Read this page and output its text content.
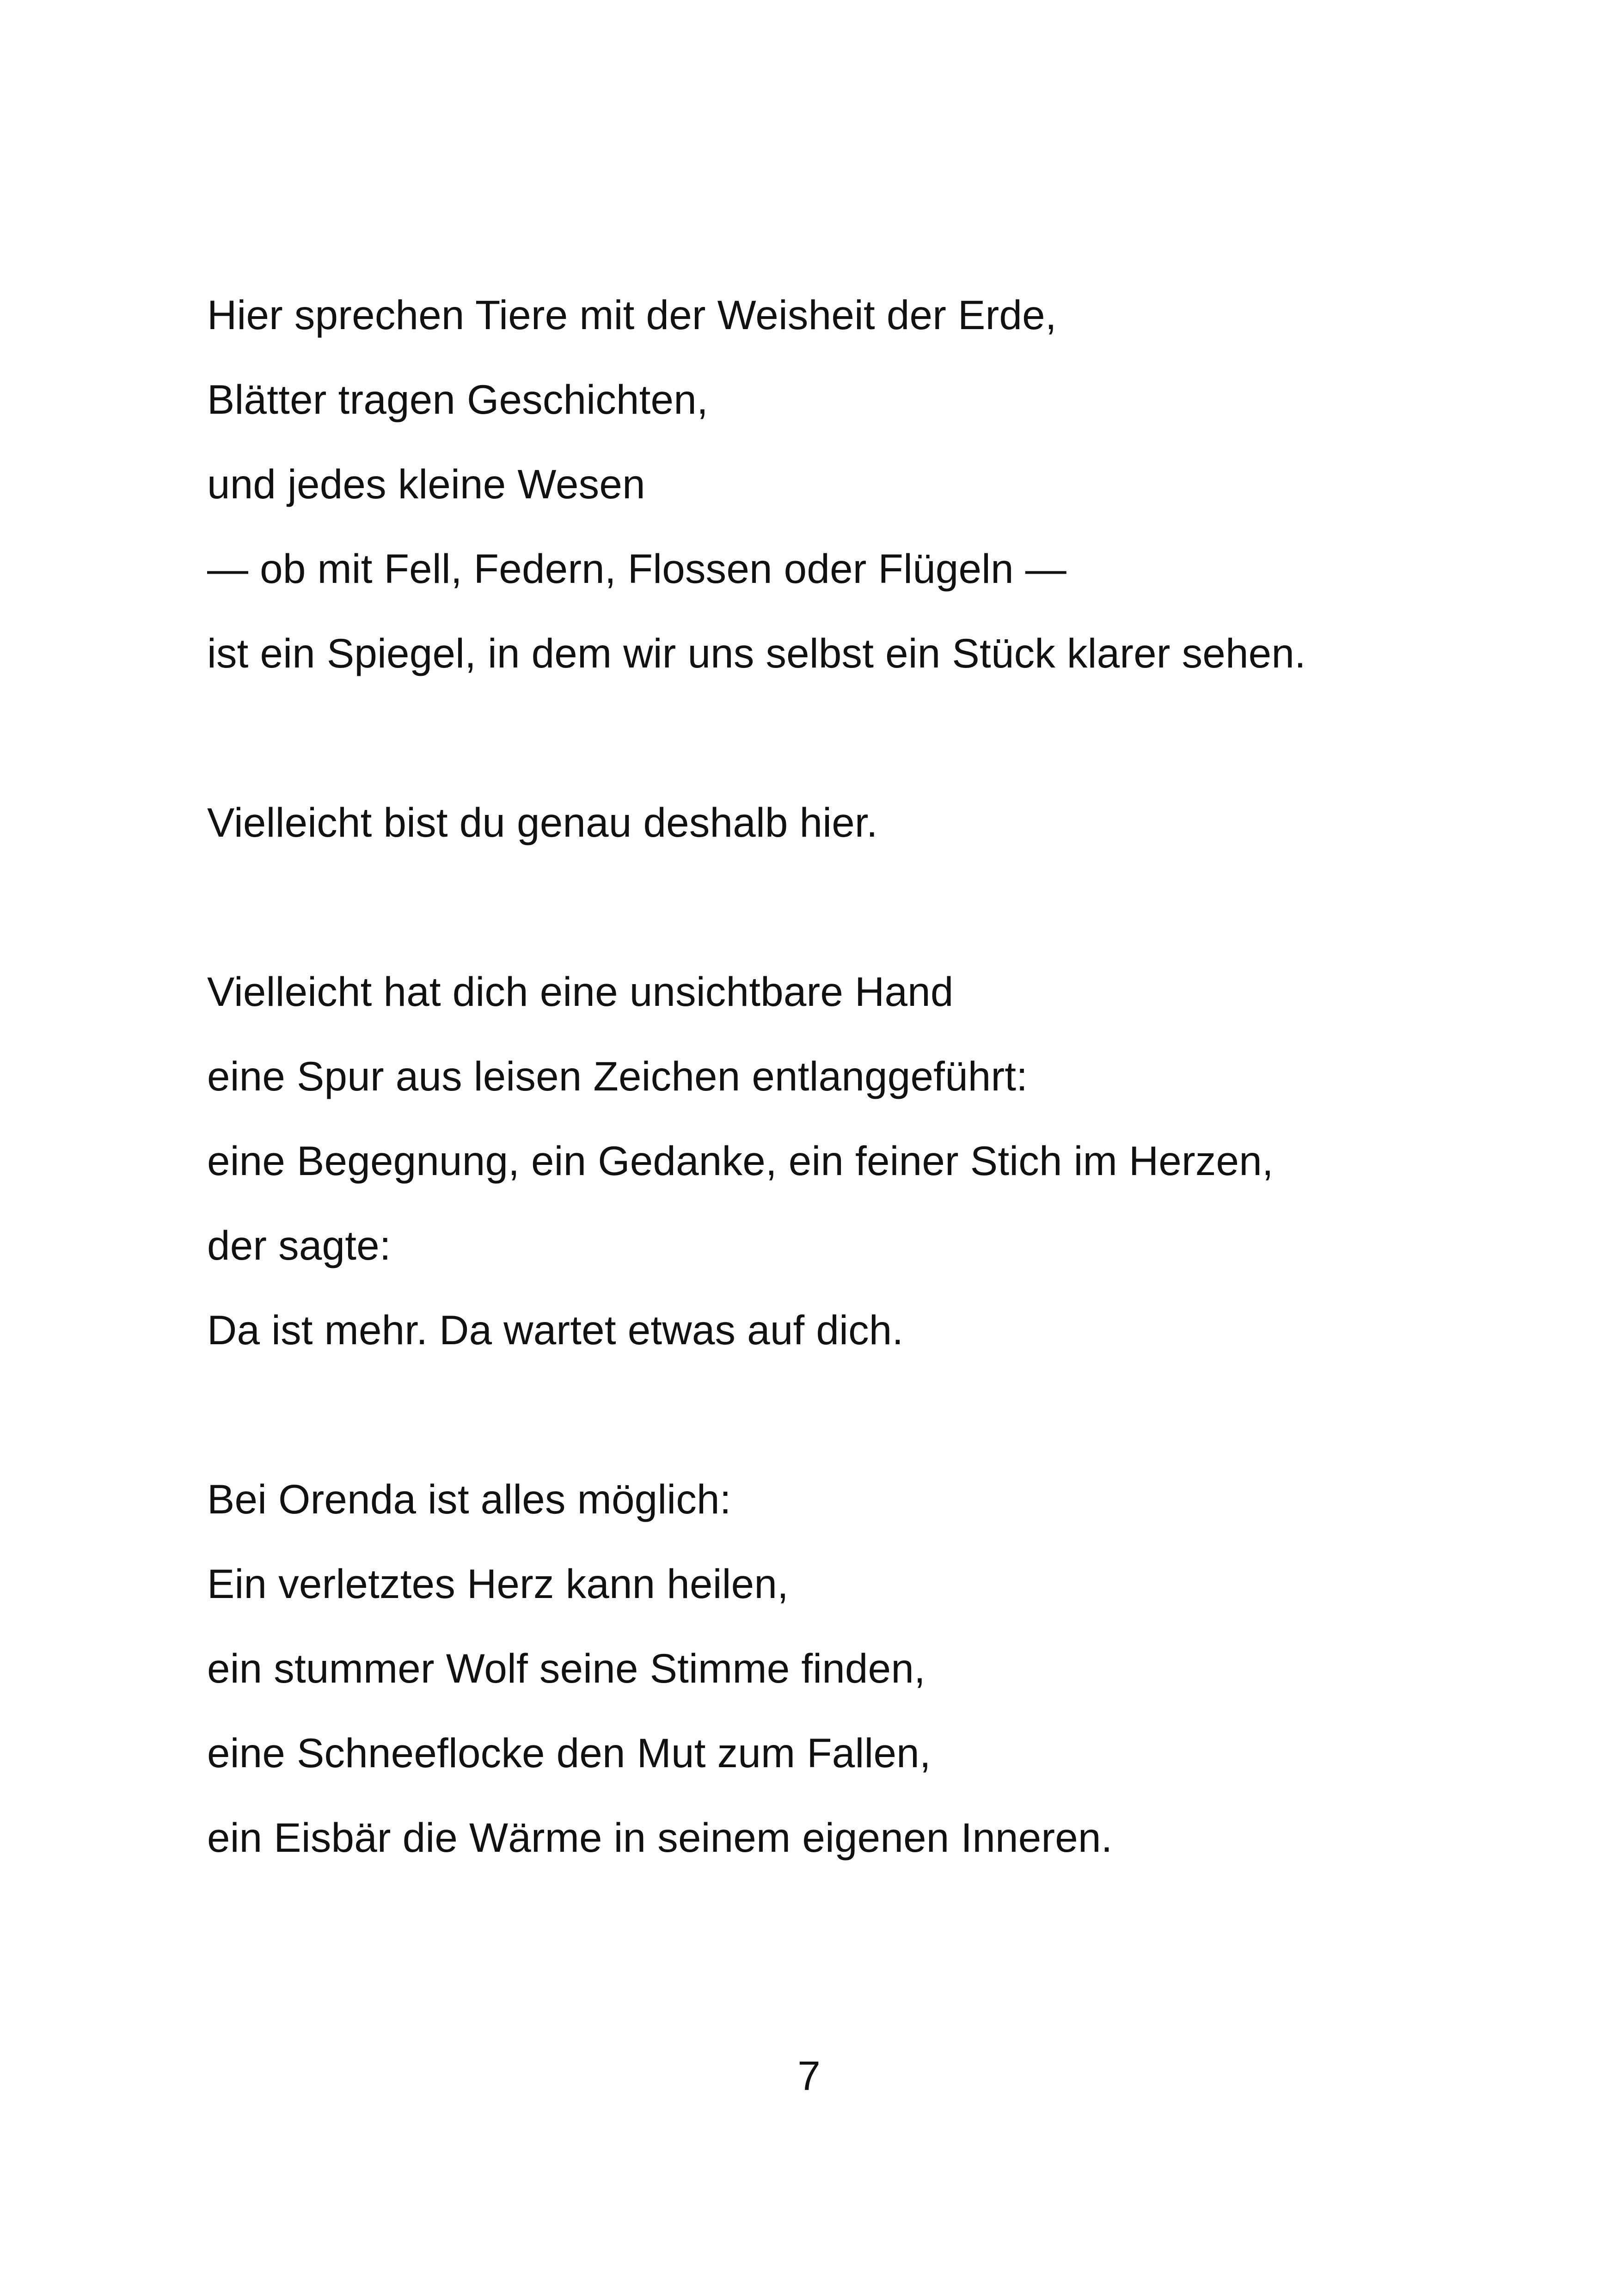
Hier sprechen Tiere mit der Weisheit der Erde,
Blätter tragen Geschichten,
und jedes kleine Wesen
— ob mit Fell, Federn, Flossen oder Flügeln —
ist ein Spiegel, in dem wir uns selbst ein Stück klarer sehen.
Vielleicht bist du genau deshalb hier.
Vielleicht hat dich eine unsichtbare Hand
eine Spur aus leisen Zeichen entlanggeführt:
eine Begegnung, ein Gedanke, ein feiner Stich im Herzen,
der sagte:
Da ist mehr. Da wartet etwas auf dich.
Bei Orenda ist alles möglich:
Ein verletztes Herz kann heilen,
ein stummer Wolf seine Stimme finden,
eine Schneeflocke den Mut zum Fallen,
ein Eisbär die Wärme in seinem eigenen Inneren.
7
